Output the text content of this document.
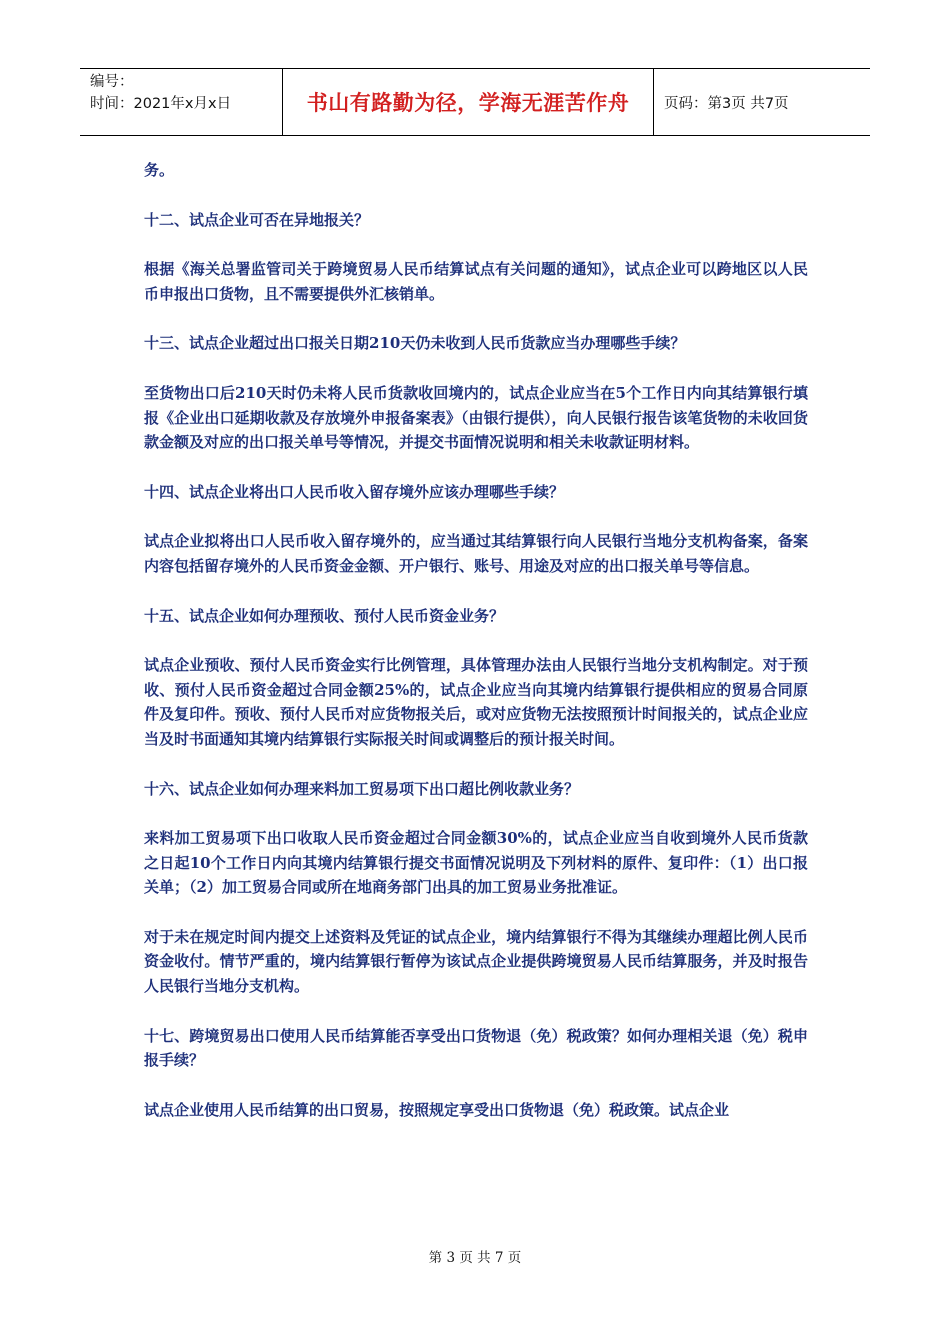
编号：
时间：2021年x月x日	书山有路勤为径，学海无涯苦作舟 页码：第3页 共7页

务。

十二、试点企业可否在异地报关？

根据《海关总署监管司关于跨境贸易人民币结算试点有关问题的通知》，试点企业可以跨地区以人民币申报出口货物，且不需要提供外汇核销单。

十三、试点企业超过出口报关日期210天仍未收到人民币货款应当办理哪些手续？

至货物出口后210天时仍未将人民币货款收回境内的，试点企业应当在5个工作日内向其结算银行填报《企业出口延期收款及存放境外申报备案表》（由银行提供），向人民银行报告该笔货物的未收回货款金额及对应的出口报关单号等情况，并提交书面情况说明和相关未收款证明材料。

十四、试点企业将出口人民币收入留存境外应该办理哪些手续？

试点企业拟将出口人民币收入留存境外的，应当通过其结算银行向人民银行当地分支机构备案，备案内容包括留存境外的人民币资金金额、开户银行、账号、用途及对应的出口报关单号等信息。

十五、试点企业如何办理预收、预付人民币资金业务？

试点企业预收、预付人民币资金实行比例管理，具体管理办法由人民银行当地分支机构制定。对于预收、预付人民币资金超过合同金额25%的，试点企业应当向其境内结算银行提供相应的贸易合同原件及复印件。预收、预付人民币对应货物报关后，或对应货物无法按照预计时间报关的，试点企业应当及时书面通知其境内结算银行实际报关时间或调整后的预计报关时间。

十六、试点企业如何办理来料加工贸易项下出口超比例收款业务？

来料加工贸易项下出口收取人民币资金超过合同金额30%的，试点企业应当自收到境外人民币货款之日起10个工作日内向其境内结算银行提交书面情况说明及下列材料的原件、复印件：（1）出口报关单；（2）加工贸易合同或所在地商务部门出具的加工贸易业务批准证。

对于未在规定时间内提交上述资料及凭证的试点企业，境内结算银行不得为其继续办理超比例人民币资金收付。情节严重的，境内结算银行暂停为该试点企业提供跨境贸易人民币结算服务，并及时报告人民银行当地分支机构。

十七、跨境贸易出口使用人民币结算能否享受出口货物退（免）税政策？如何办理相关退（免）税申报手续？

试点企业使用人民币结算的出口贸易，按照规定享受出口货物退（免）税政策。试点企业

第 3 页 共 7 页
